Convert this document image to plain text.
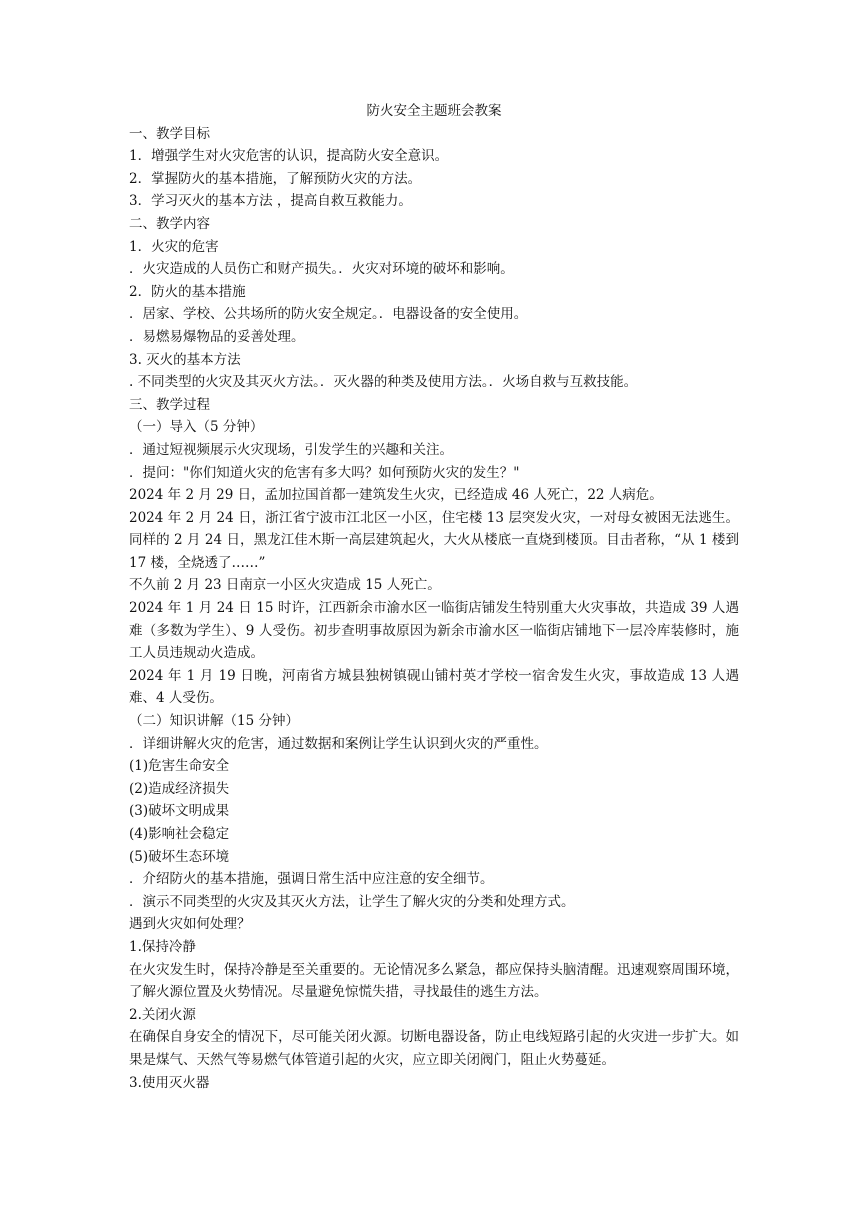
防火安全主题班会教案

一、教学目标

1．增强学生对火灾危害的认识，提高防火安全意识。

2．掌握防火的基本措施，了解预防火灾的方法。

3．学习灭火的基本方法 ，提高自救互救能力。

二、教学内容

1．火灾的危害

．火灾造成的人员伤亡和财产损失。．火灾对环境的破坏和影响。

2．防火的基本措施

．居家、学校、公共场所的防火安全规定。．电器设备的安全使用。

．易燃易爆物品的妥善处理。

3. 灭火的基本方法

. 不同类型的火灾及其灭火方法。．灭火器的种类及使用方法。．火场自救与互救技能。

三、教学过程

（一）导入（5 分钟）

．通过短视频展示火灾现场，引发学生的兴趣和关注。

．提问："你们知道火灾的危害有多大吗？如何预防火灾的发生？"

2024 年 2 月 29 日，孟加拉国首都一建筑发生火灾，已经造成 46 人死亡，22 人病危。

2024 年 2 月 24 日，浙江省宁波市江北区一小区，住宅楼 13 层突发火灾，一对母女被困无法逃生。同样的 2 月 24 日，黑龙江佳木斯一高层建筑起火，大火从楼底一直烧到楼顶。目击者称，“从 1 楼到 17 楼，全烧透了……”

不久前 2 月 23 日南京一小区火灾造成 15 人死亡。

2024 年 1 月 24 日 15 时许，江西新余市渝水区一临街店铺发生特别重大火灾事故，共造成 39 人遇难（多数为学生）、9 人受伤。初步查明事故原因为新余市渝水区一临街店铺地下一层冷库装修时，施工人员违规动火造成。

2024 年 1 月 19 日晚，河南省方城县独树镇砚山铺村英才学校一宿舍发生火灾，事故造成 13 人遇难、4 人受伤。

（二）知识讲解（15 分钟）

．详细讲解火灾的危害，通过数据和案例让学生认识到火灾的严重性。

(1)危害生命安全

(2)造成经济损失

(3)破坏文明成果

(4)影响社会稳定

(5)破坏生态环境

．介绍防火的基本措施，强调日常生活中应注意的安全细节。

．演示不同类型的火灾及其灭火方法，让学生了解火灾的分类和处理方式。

遇到火灾如何处理？

1.保持冷静

在火灾发生时，保持冷静是至关重要的。无论情况多么紧急，都应保持头脑清醒。迅速观察周围环境，了解火源位置及火势情况。尽量避免惊慌失措，寻找最佳的逃生方法。

2.关闭火源

在确保自身安全的情况下，尽可能关闭火源。切断电器设备，防止电线短路引起的火灾进一步扩大。如果是煤气、天然气等易燃气体管道引起的火灾，应立即关闭阀门，阻止火势蔓延。

3.使用灭火器
